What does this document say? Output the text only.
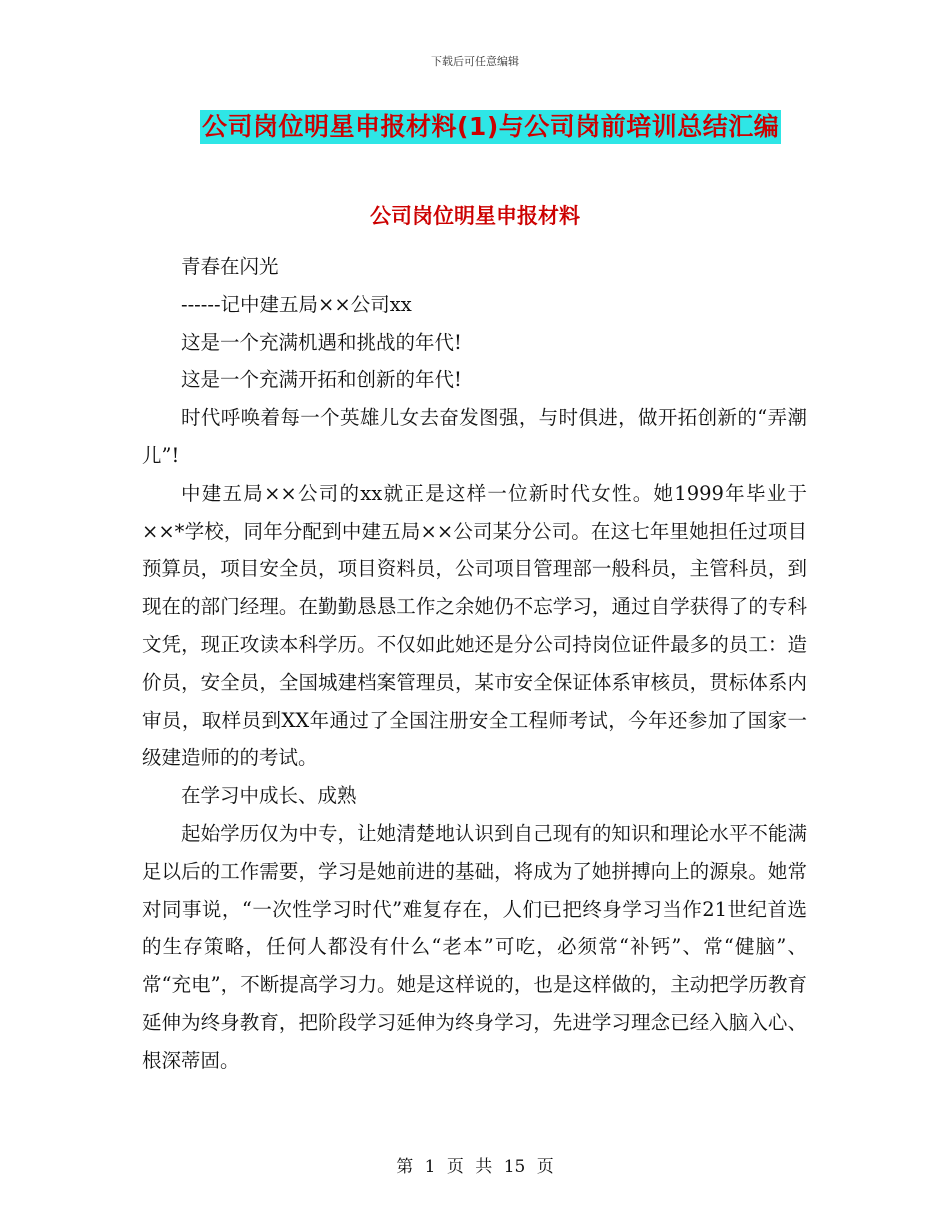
下载后可任意编辑
公司岗位明星申报材料(1)与公司岗前培训总结汇编
公司岗位明星申报材料

青春在闪光

------记中建五局××公司xx

这是一个充满机遇和挑战的年代!

这是一个充满开拓和创新的年代!

时代呼唤着每一个英雄儿女去奋发图强，与时俱进，做开拓创新的“弄潮儿”!

中建五局××公司的xx就正是这样一位新时代女性。她1999年毕业于××*学校，同年分配到中建五局××公司某分公司。在这七年里她担任过项目预算员，项目安全员，项目资料员，公司项目管理部一般科员，主管科员，到现在的部门经理。在勤勤恳恳工作之余她仍不忘学习，通过自学获得了的专科文凭，现正攻读本科学历。不仅如此她还是分公司持岗位证件最多的员工：造价员，安全员，全国城建档案管理员，某市安全保证体系审核员，贯标体系内审员，取样员到XX年通过了全国注册安全工程师考试，今年还参加了国家一级建造师的的考试。

在学习中成长、成熟

起始学历仅为中专，让她清楚地认识到自己现有的知识和理论水平不能满足以后的工作需要，学习是她前进的基础，将成为了她拼搏向上的源泉。她常对同事说，“一次性学习时代”难复存在，人们已把终身学习当作21世纪首选的生存策略，任何人都没有什么“老本”可吃，必须常“补钙”、常“健脑”、常“充电”，不断提高学习力。她是这样说的，也是这样做的，主动把学历教育延伸为终身教育，把阶段学习延伸为终身学习，先进学习理念已经入脑入心、根深蒂固。

第 1 页 共 15 页
